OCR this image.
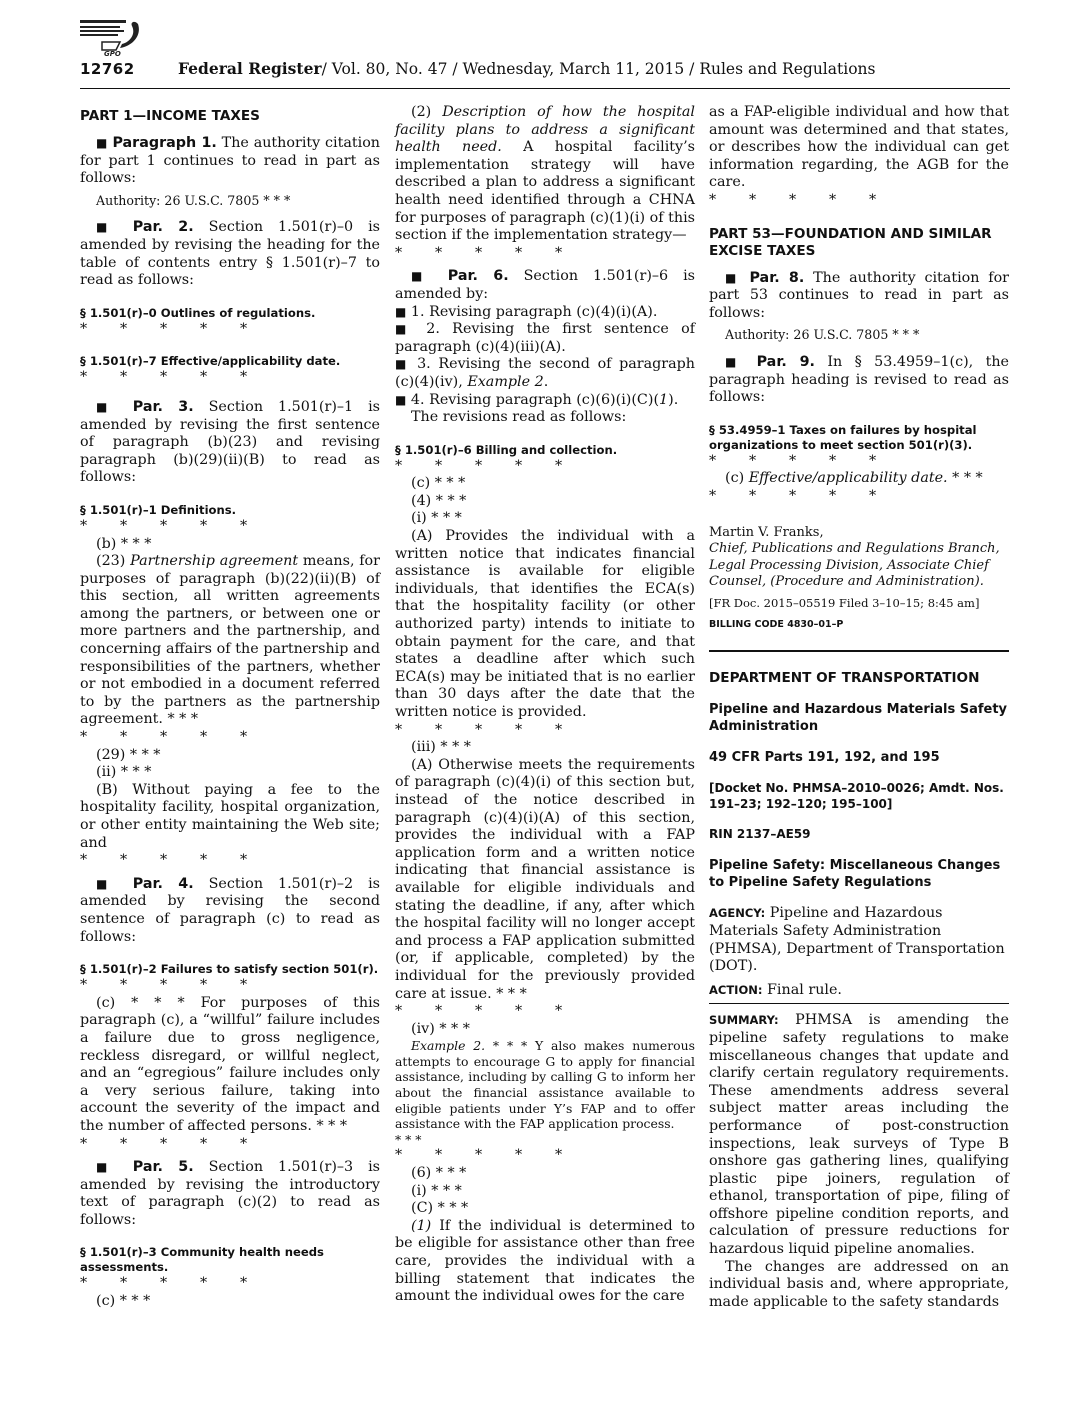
GPO
12762	Federal Register/ Vol. 80, No. 47 / Wednesday, March 11, 2015 / Rules and Regulations

PART 1—INCOME TAXES

■ Paragraph 1. The authority citation for part 1 continues to read in part as follows:

Authority: 26 U.S.C. 7805 * * *

■ Par. 2. Section 1.501(r)–0 is amended by revising the heading for the table of contents entry § 1.501(r)–7 to read as follows:

§ 1.501(r)–0 Outlines of regulations.

* * * * *

§ 1.501(r)–7 Effective/applicability date.

* * * * *

■ Par. 3. Section 1.501(r)–1 is amended by revising the first sentence of paragraph (b)(23) and revising paragraph (b)(29)(ii)(B) to read as follows:

§ 1.501(r)–1 Definitions.

* * * * *

(b) * * *

(23) Partnership agreement means, for purposes of paragraph (b)(22)(ii)(B) of this section, all written agreements among the partners, or between one or more partners and the partnership, and concerning affairs of the partnership and responsibilities of the partners, whether or not embodied in a document referred to by the partners as the partnership agreement. * * *

* * * * *

(29) * * *

(ii) * * *

(B) Without paying a fee to the hospitality facility, hospital organization, or other entity maintaining the Web site; and

* * * * *

■ Par. 4. Section 1.501(r)–2 is amended by revising the second sentence of paragraph (c) to read as follows:

§ 1.501(r)–2 Failures to satisfy section 501(r).

* * * * *

(c) * * * For purposes of this paragraph (c), a “willful” failure includes a failure due to gross negligence, reckless disregard, or willful neglect, and an “egregious” failure includes only a very serious failure, taking into account the severity of the impact and the number of affected persons. * * *

* * * * *

■ Par. 5. Section 1.501(r)–3 is amended by revising the introductory text of paragraph (c)(2) to read as follows:

§ 1.501(r)–3 Community health needs assessments.

* * * * *

(c) * * *

(2) Description of how the hospital facility plans to address a significant health need. A hospital facility’s implementation strategy will have described a plan to address a significant health need identified through a CHNA for purposes of paragraph (c)(1)(i) of this section if the implementation strategy—

* * * * *

■ Par. 6. Section 1.501(r)–6 is amended by:

■ 1. Revising paragraph (c)(4)(i)(A).

■ 2. Revising the first sentence of paragraph (c)(4)(iii)(A).

■ 3. Revising the second of paragraph (c)(4)(iv), Example 2.

■ 4. Revising paragraph (c)(6)(i)(C)(1).

The revisions read as follows:

§ 1.501(r)–6 Billing and collection.

* * * * *

(c) * * *

(4) * * *

(i) * * *

(A) Provides the individual with a written notice that indicates financial assistance is available for eligible individuals, that identifies the ECA(s) that the hospitality facility (or other authorized party) intends to initiate to obtain payment for the care, and that states a deadline after which such ECA(s) may be initiated that is no earlier than 30 days after the date that the written notice is provided.

* * * * *

(iii) * * *

(A) Otherwise meets the requirements of paragraph (c)(4)(i) of this section but, instead of the notice described in paragraph (c)(4)(i)(A) of this section, provides the individual with a FAP application form and a written notice indicating that financial assistance is available for eligible individuals and stating the deadline, if any, after which the hospital facility will no longer accept and process a FAP application submitted (or, if applicable, completed) by the individual for the previously provided care at issue. * * *

* * * * *

(iv) * * *

Example 2. * * * Y also makes numerous attempts to encourage G to apply for financial assistance, including by calling G to inform her about the financial assistance available to eligible patients under Y’s FAP and to offer assistance with the FAP application process.

* * *

* * * * *

(6) * * *

(i) * * *

(C) * * *

(1) If the individual is determined to be eligible for assistance other than free care, provides the individual with a billing statement that indicates the amount the individual owes for the care

as a FAP-eligible individual and how that amount was determined and that states, or describes how the individual can get information regarding, the AGB for the care.

* * * * *

PART 53—FOUNDATION AND SIMILAR EXCISE TAXES

■ Par. 8. The authority citation for part 53 continues to read in part as follows:

Authority: 26 U.S.C. 7805 * * *

■ Par. 9. In § 53.4959–1(c), the paragraph heading is revised to read as follows:

§ 53.4959–1 Taxes on failures by hospital organizations to meet section 501(r)(3).

* * * * *

(c) Effective/applicability date. * * *

* * * * *

Martin V. Franks,

Chief, Publications and Regulations Branch, Legal Processing Division, Associate Chief Counsel, (Procedure and Administration).

[FR Doc. 2015–05519 Filed 3–10–15; 8:45 am]

BILLING CODE 4830–01–P

DEPARTMENT OF TRANSPORTATION

Pipeline and Hazardous Materials Safety Administration

49 CFR Parts 191, 192, and 195

[Docket No. PHMSA–2010–0026; Amdt. Nos. 191–23; 192–120; 195–100]

RIN 2137–AE59

Pipeline Safety: Miscellaneous Changes to Pipeline Safety Regulations

AGENCY: Pipeline and Hazardous Materials Safety Administration (PHMSA), Department of Transportation (DOT).

ACTION: Final rule.

SUMMARY: PHMSA is amending the pipeline safety regulations to make miscellaneous changes that update and clarify certain regulatory requirements. These amendments address several subject matter areas including the performance of post-construction inspections, leak surveys of Type B onshore gas gathering lines, qualifying plastic pipe joiners, regulation of ethanol, transportation of pipe, filing of offshore pipeline condition reports, and calculation of pressure reductions for hazardous liquid pipeline anomalies.

The changes are addressed on an individual basis and, where appropriate, made applicable to the safety standards
